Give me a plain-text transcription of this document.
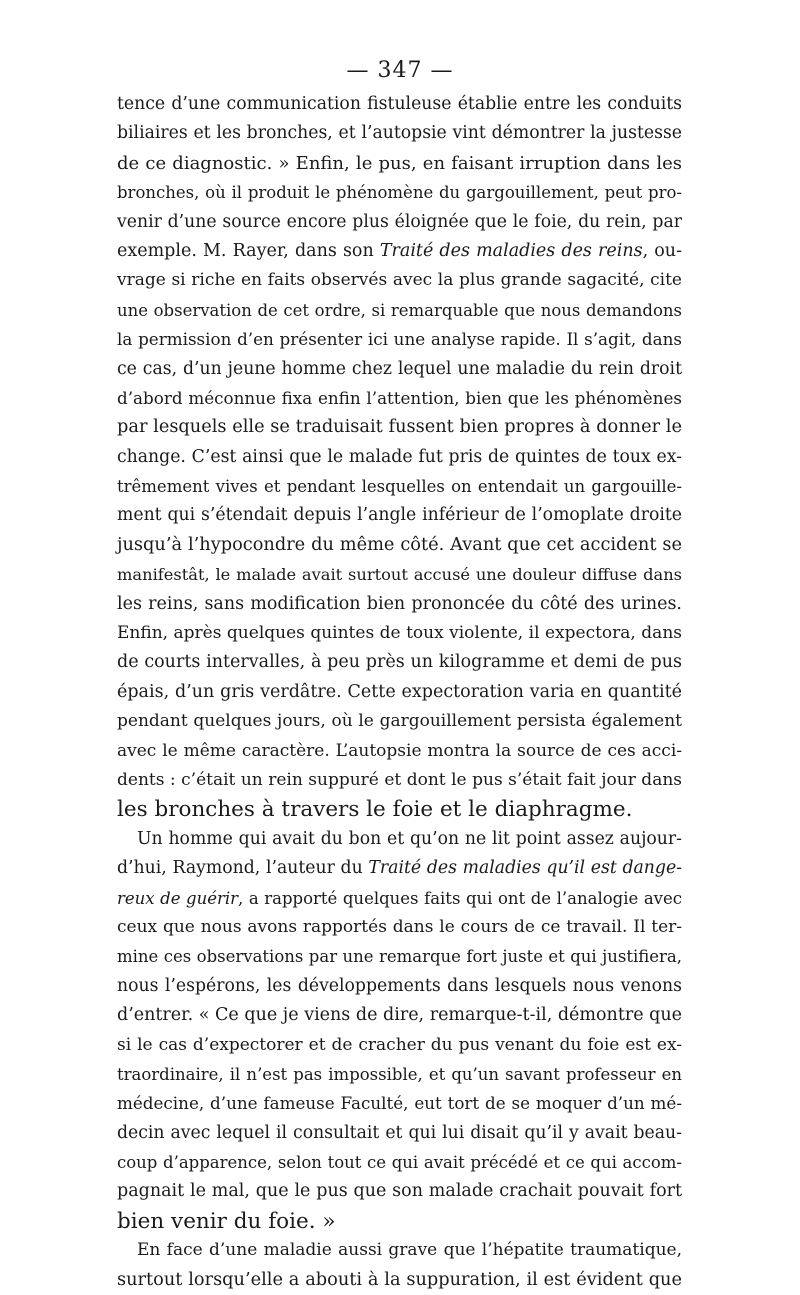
— 347 —
tence d’une communication fistuleuse établie entre les conduits
biliaires et les bronches, et l’autopsie vint démontrer la justesse
de ce diagnostic. » Enfin, le pus, en faisant irruption dans les
bronches, où il produit le phénomène du gargouillement, peut pro-
venir d’une source encore plus éloignée que le foie, du rein, par
exemple. M. Rayer, dans son Traité des maladies des reins, ou-
vrage si riche en faits observés avec la plus grande sagacité, cite
une observation de cet ordre, si remarquable que nous demandons
la permission d’en présenter ici une analyse rapide. Il s’agit, dans
ce cas, d’un jeune homme chez lequel une maladie du rein droit
d’abord méconnue fixa enfin l’attention, bien que les phénomènes
par lesquels elle se traduisait fussent bien propres à donner le
change. C’est ainsi que le malade fut pris de quintes de toux ex-
trêmement vives et pendant lesquelles on entendait un gargouille-
ment qui s’étendait depuis l’angle inférieur de l’omoplate droite
jusqu’à l’hypocondre du même côté. Avant que cet accident se
manifestât, le malade avait surtout accusé une douleur diffuse dans
les reins, sans modification bien prononcée du côté des urines.
Enfin, après quelques quintes de toux violente, il expectora, dans
de courts intervalles, à peu près un kilogramme et demi de pus
épais, d’un gris verdâtre. Cette expectoration varia en quantité
pendant quelques jours, où le gargouillement persista également
avec le même caractère. L’autopsie montra la source de ces acci-
dents : c’était un rein suppuré et dont le pus s’était fait jour dans
les bronches à travers le foie et le diaphragme.
Un homme qui avait du bon et qu’on ne lit point assez aujour-
d’hui, Raymond, l’auteur du Traité des maladies qu’il est dange-
reux de guérir, a rapporté quelques faits qui ont de l’analogie avec
ceux que nous avons rapportés dans le cours de ce travail. Il ter-
mine ces observations par une remarque fort juste et qui justifiera,
nous l’espérons, les développements dans lesquels nous venons
d’entrer. « Ce que je viens de dire, remarque-t-il, démontre que
si le cas d’expectorer et de cracher du pus venant du foie est ex-
traordinaire, il n’est pas impossible, et qu’un savant professeur en
médecine, d’une fameuse Faculté, eut tort de se moquer d’un mé-
decin avec lequel il consultait et qui lui disait qu’il y avait beau-
coup d’apparence, selon tout ce qui avait précédé et ce qui accom-
pagnait le mal, que le pus que son malade crachait pouvait fort
bien venir du foie. »
En face d’une maladie aussi grave que l’hépatite traumatique,
surtout lorsqu’elle a abouti à la suppuration, il est évident que
